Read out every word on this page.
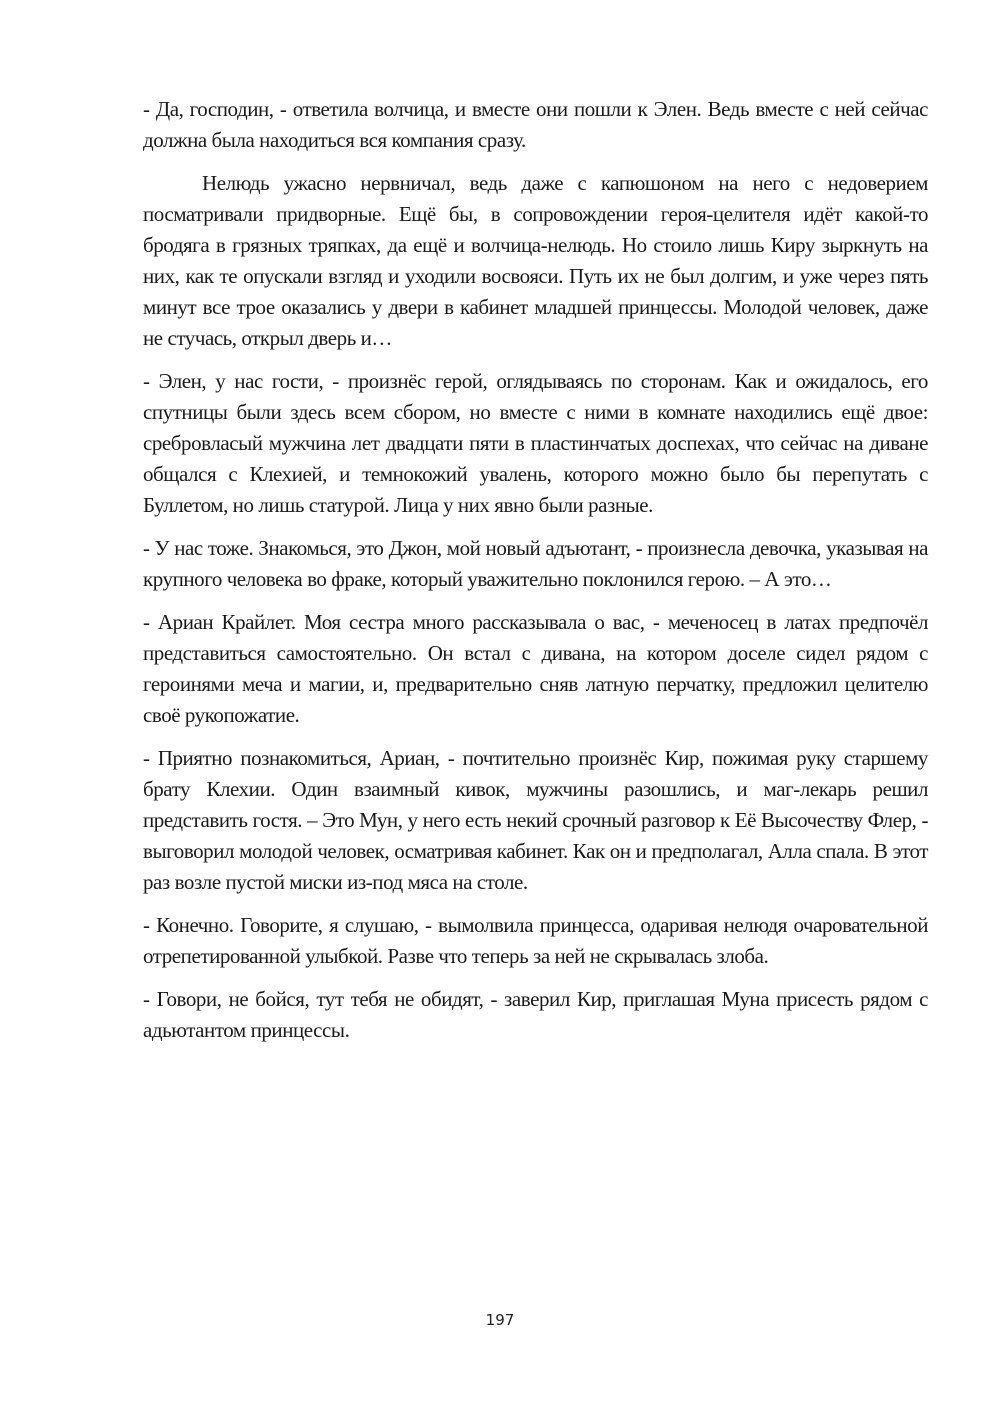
- Да, господин, - ответила волчица, и вместе они пошли к Элен. Ведь вместе с ней сейчас должна была находиться вся компания сразу.

Нелюдь ужасно нервничал, ведь даже с капюшоном на него с недоверием посматривали придворные. Ещё бы, в сопровождении героя-целителя идёт какой-то бродяга в грязных тряпках, да ещё и волчица-нелюдь. Но стоило лишь Киру зыркнуть на них, как те опускали взгляд и уходили восвояси. Путь их не был долгим, и уже через пять минут все трое оказались у двери в кабинет младшей принцессы. Молодой человек, даже не стучась, открыл дверь и…

- Элен, у нас гости, - произнёс герой, оглядываясь по сторонам. Как и ожидалось, его спутницы были здесь всем сбором, но вместе с ними в комнате находились ещё двое: сребровласый мужчина лет двадцати пяти в пластинчатых доспехах, что сейчас на диване общался с Клехией, и темнокожий увалень, которого можно было бы перепутать с Буллетом, но лишь статурой. Лица у них явно были разные.

- У нас тоже. Знакомься, это Джон, мой новый адъютант, - произнесла девочка, указывая на крупного человека во фраке, который уважительно поклонился герою. – А это…

- Ариан Крайлет. Моя сестра много рассказывала о вас, - меченосец в латах предпочёл представиться самостоятельно. Он встал с дивана, на котором доселе сидел рядом с героинями меча и магии, и, предварительно сняв латную перчатку, предложил целителю своё рукопожатие.

- Приятно познакомиться, Ариан, - почтительно произнёс Кир, пожимая руку старшему брату Клехии. Один взаимный кивок, мужчины разошлись, и маг-лекарь решил представить гостя. – Это Мун, у него есть некий срочный разговор к Её Высочеству Флер, - выговорил молодой человек, осматривая кабинет. Как он и предполагал, Алла спала. В этот раз возле пустой миски из-под мяса на столе.

- Конечно. Говорите, я слушаю, - вымолвила принцесса, одаривая нелюдя очаровательной отрепетированной улыбкой. Разве что теперь за ней не скрывалась злоба.

- Говори, не бойся, тут тебя не обидят, - заверил Кир, приглашая Муна присесть рядом с адьютантом принцессы.

197
